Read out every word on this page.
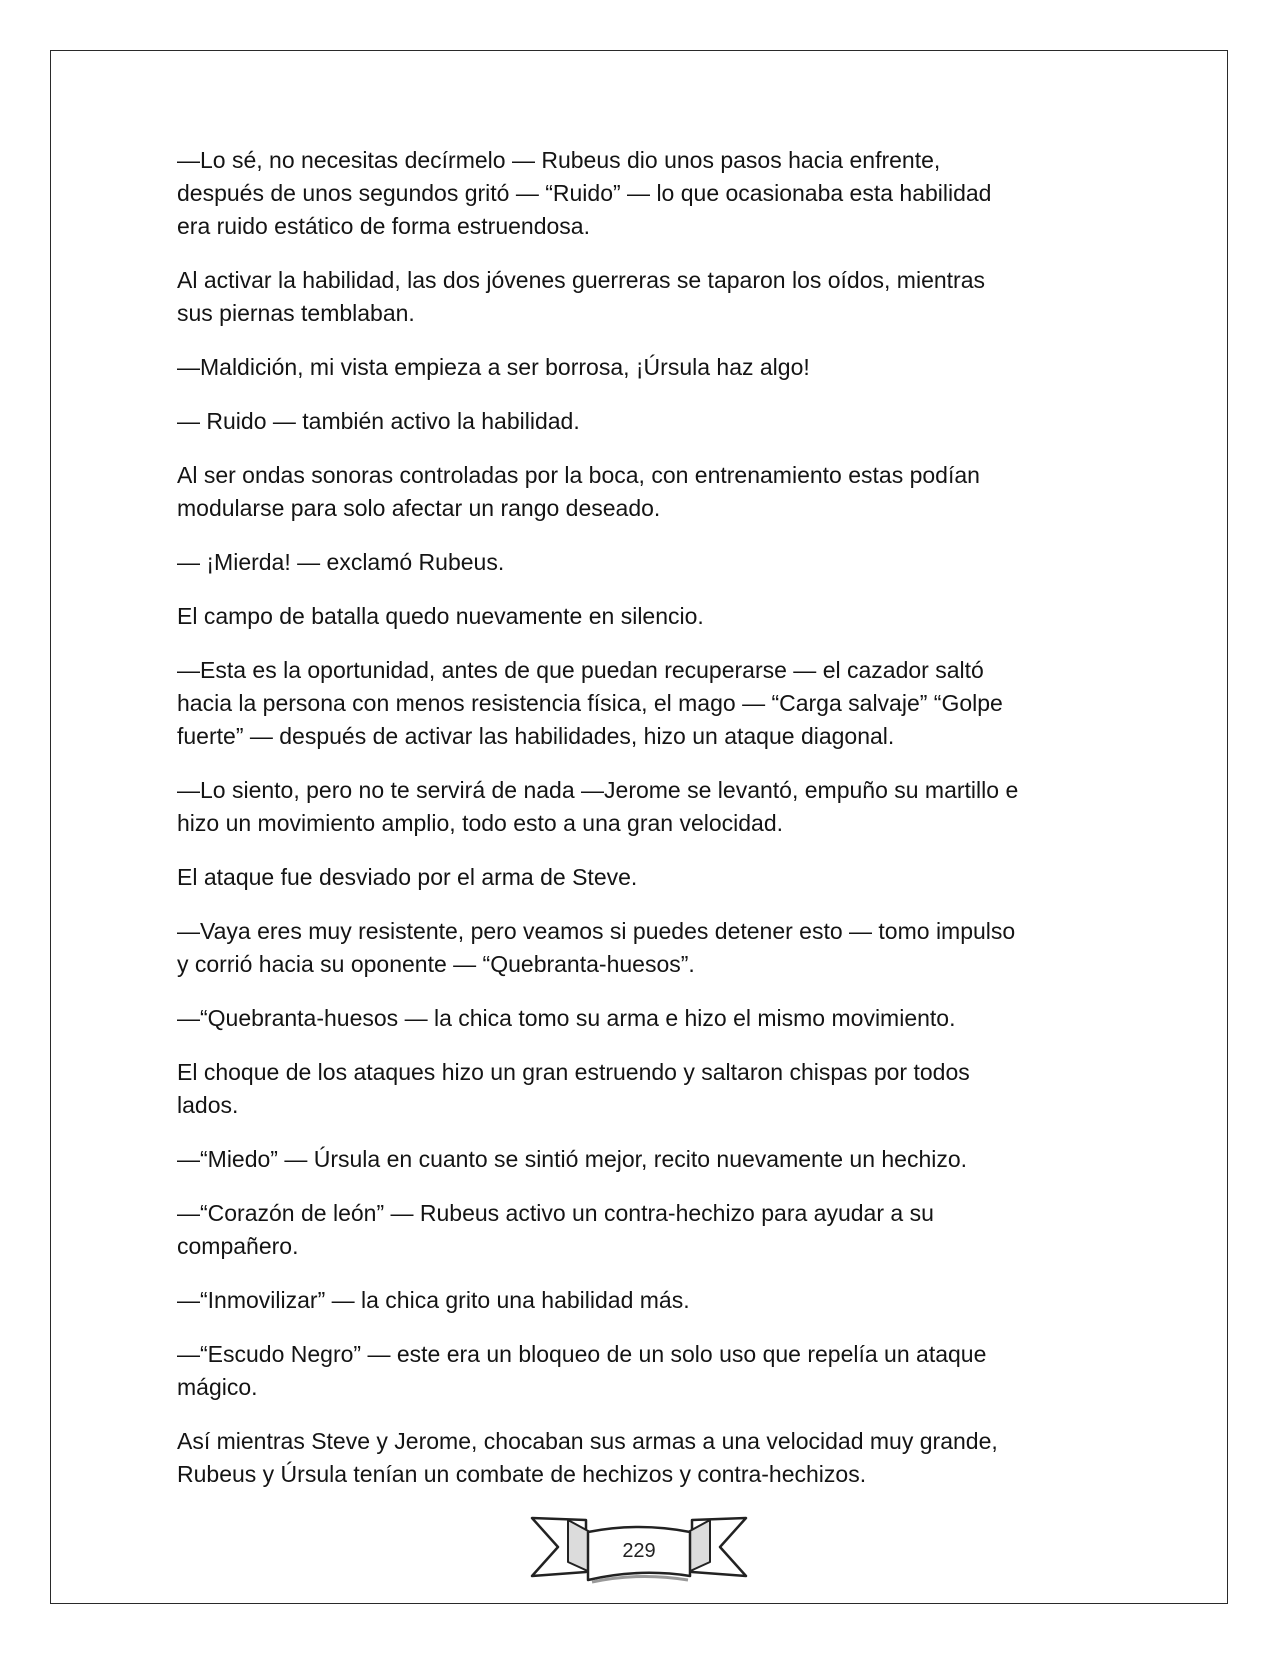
—Lo sé, no necesitas decírmelo — Rubeus dio unos pasos hacia enfrente,
después de unos segundos gritó — “Ruido” — lo que ocasionaba esta habilidad
era ruido estático de forma estruendosa.

Al activar la habilidad, las dos jóvenes guerreras se taparon los oídos, mientras
sus piernas temblaban.

—Maldición, mi vista empieza a ser borrosa, ¡Úrsula haz algo!

— Ruido — también activo la habilidad.

Al ser ondas sonoras controladas por la boca, con entrenamiento estas podían
modularse para solo afectar un rango deseado.

— ¡Mierda! — exclamó Rubeus.

El campo de batalla quedo nuevamente en silencio.

—Esta es la oportunidad, antes de que puedan recuperarse — el cazador saltó
hacia la persona con menos resistencia física, el mago — “Carga salvaje” “Golpe
fuerte” — después de activar las habilidades, hizo un ataque diagonal.

—Lo siento, pero no te servirá de nada —Jerome se levantó, empuño su martillo e
hizo un movimiento amplio, todo esto a una gran velocidad.

El ataque fue desviado por el arma de Steve.

—Vaya eres muy resistente, pero veamos si puedes detener esto — tomo impulso
y corrió hacia su oponente — “Quebranta-huesos”.

—“Quebranta-huesos — la chica tomo su arma e hizo el mismo movimiento.

El choque de los ataques hizo un gran estruendo y saltaron chispas por todos
lados.

—“Miedo” — Úrsula en cuanto se sintió mejor, recito nuevamente un hechizo.

—“Corazón de león” — Rubeus activo un contra-hechizo para ayudar a su
compañero.

—“Inmovilizar” — la chica grito una habilidad más.

—“Escudo Negro” — este era un bloqueo de un solo uso que repelía un ataque
mágico.

Así mientras Steve y Jerome, chocaban sus armas a una velocidad muy grande,
Rubeus y Úrsula tenían un combate de hechizos y contra-hechizos.

229
